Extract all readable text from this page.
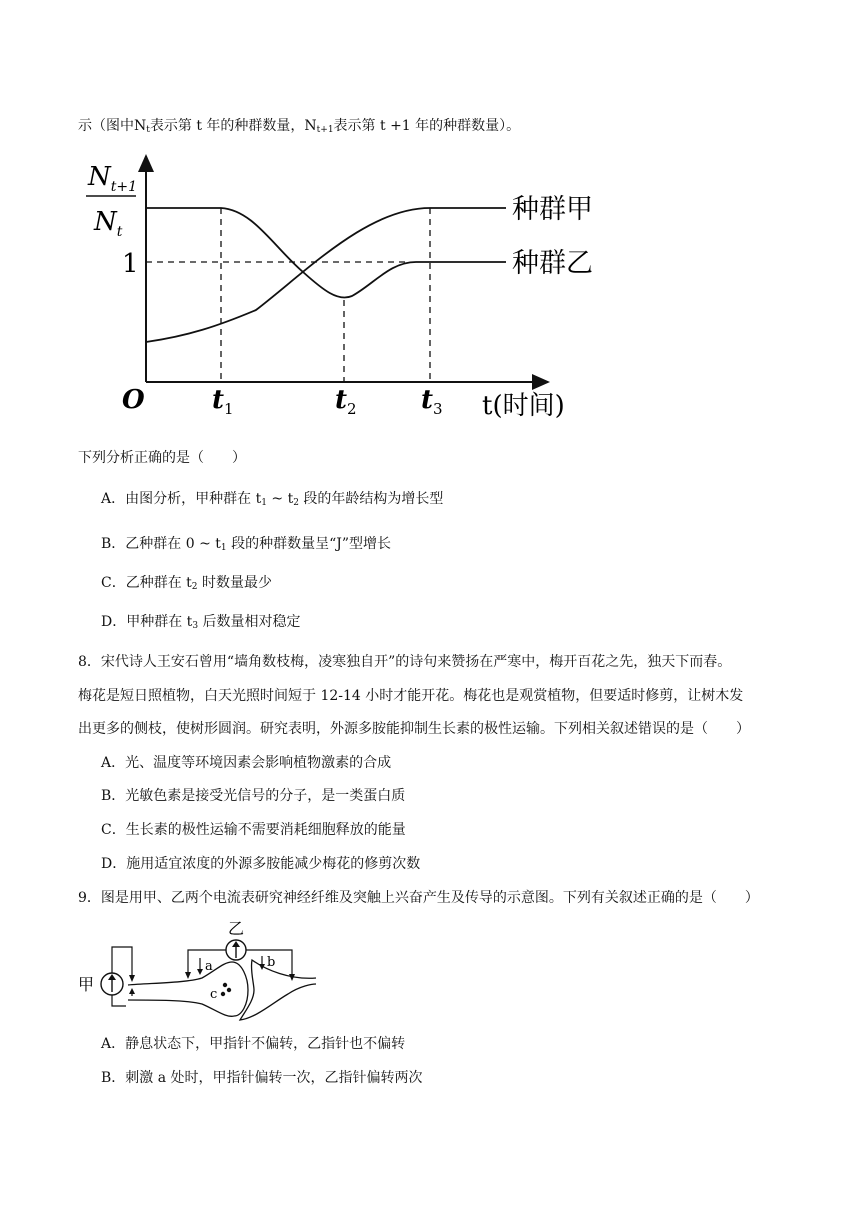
示（图中$N_t$表示第 t 年的种群数量，$N_{t+1}$表示第 t +1 年的种群数量）。
$N_{t+1}$
$N_t$
1
O	$t_1$	$t_2$ $t_3$ t(时间)
种群甲
种群乙
下列分析正确的是（　　）
A．由图分析，甲种群在 $t_1$ ~ $t_2$ 段的年龄结构为增长型
B．乙种群在 0 ~ $t_1$ 段的种群数量呈“J”型增长
C．乙种群在 $t_2$ 时数量最少
D．甲种群在 $t_3$ 后数量相对稳定
8．宋代诗人王安石曾用“墙角数枝梅，凌寒独自开”的诗句来赞扬在严寒中，梅开百花之先，独天下而春。
梅花是短日照植物，白天光照时间短于 12-14 小时才能开花。梅花也是观赏植物，但要适时修剪，让树木发
出更多的侧枝，使树形圆润。研究表明，外源多胺能抑制生长素的极性运输。下列相关叙述错误的是（　　）
A．光、温度等环境因素会影响植物激素的合成
B．光敏色素是接受光信号的分子，是一类蛋白质
C．生长素的极性运输不需要消耗细胞释放的能量
D．施用适宜浓度的外源多胺能减少梅花的修剪次数
9．图是用甲、乙两个电流表研究神经纤维及突触上兴奋产生及传导的示意图。下列有关叙述正确的是（　　）
甲
c
乙
a	b
A．静息状态下，甲指针不偏转，乙指针也不偏转
B．刺激 a 处时，甲指针偏转一次，乙指针偏转两次
